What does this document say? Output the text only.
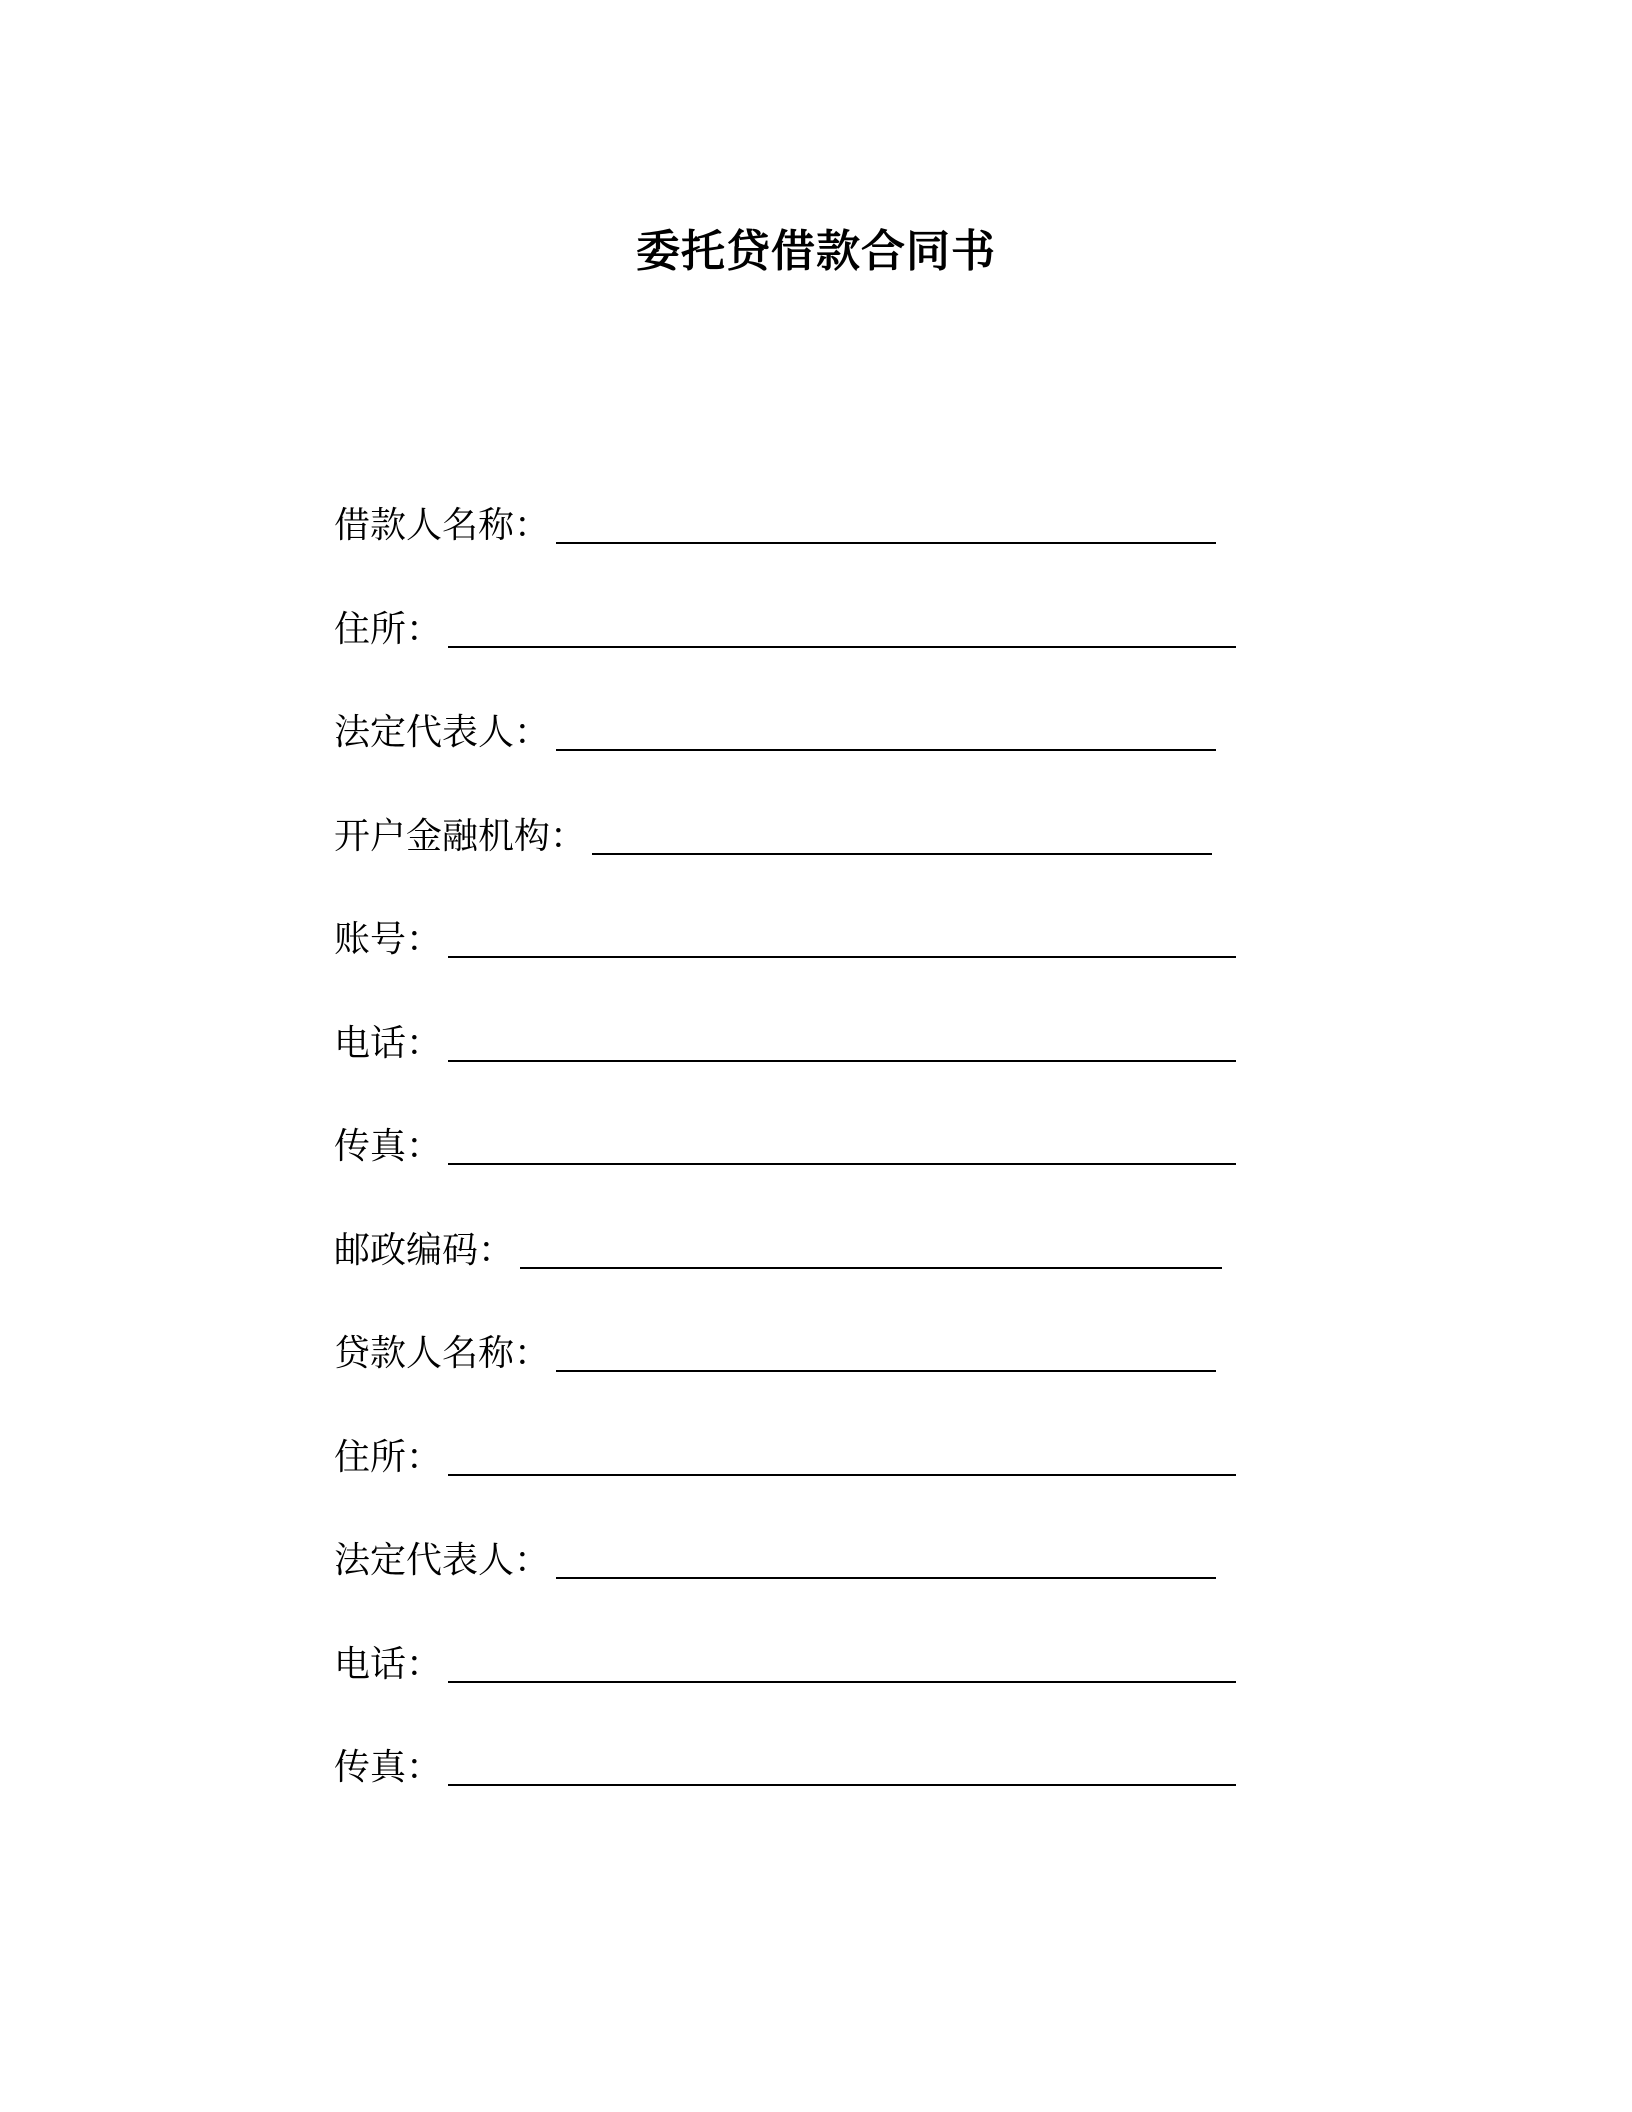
委托贷借款合同书
借款人名称：
住所：
法定代表人：
开户金融机构：
账号：
电话：
传真：
邮政编码：
贷款人名称：
住所：
法定代表人：
电话：
传真：
